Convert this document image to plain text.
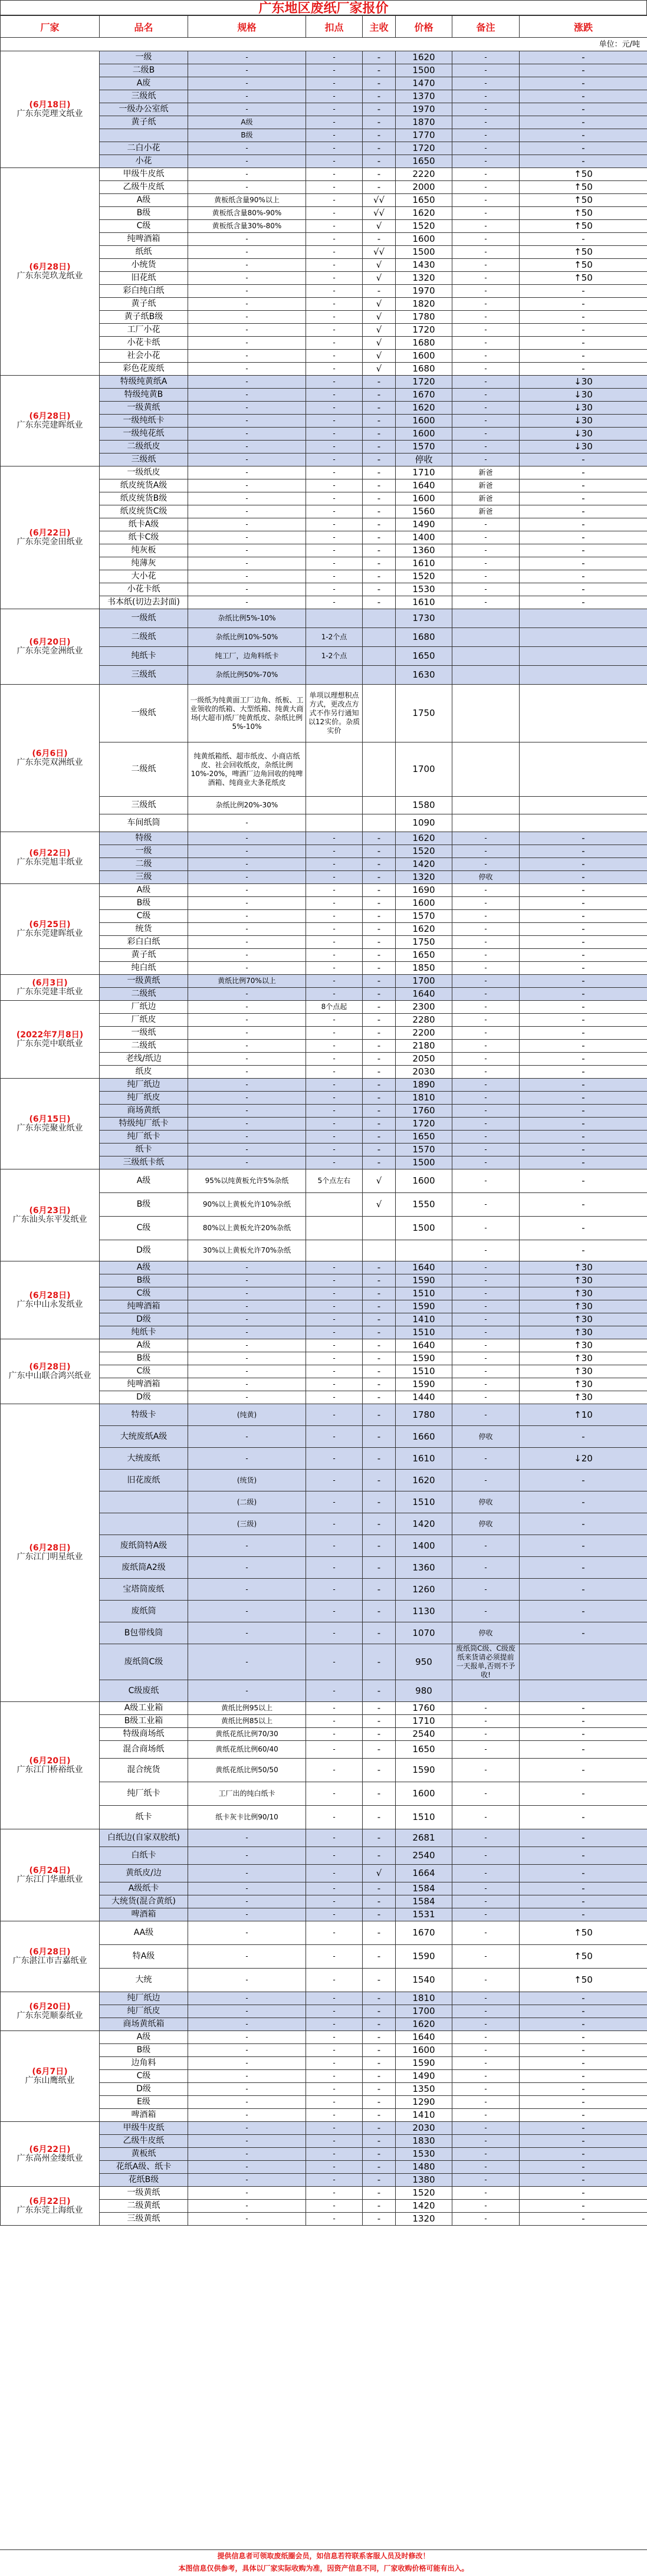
广东地区废纸厂家报价
厂家	品名	规格	扣点	主收	价格	备注	涨跌
单位：元/吨							

(6月18日)
广东东莞理文纸业	一级	-	-	-	1620	-	-
	二级B	-	-	-	1500	-	-
	A废	-	-	-	1470	-	-
	三级纸	-	-	-	1370	-	-
	一级办公室纸	-	-	-	1970	-	-
	黄子纸	A级	-	-	1870	-	-
		B级	-	-	1770	-	-
	二白小花	-	-	-	1720	-	-
	小花	-	-	-	1650	-	-

(6月28日)
广东东莞玖龙纸业	甲级牛皮纸	-	-	-	2220	-	↑50
	乙级牛皮纸	-	-	-	2000	-	↑50
	A级	黄板纸含量90%以上	-	√√	1650	-	↑50
	B级	黄板纸含量80%-90%	-	√√	1620	-	↑50
	C级	黄板纸含量30%-80%	-	√	1520	-	↑50
	纯啤酒箱	-	-	-	1600	-	-
	纸纸	-	-	√√	1500	-	↑50
	小统货	-	-	√	1430	-	↑50
	旧花纸	-	-	√	1320	-	↑50
	彩白纯白纸	-	-	-	1970	-	-
	黄子纸	-	-	√	1820	-	-
	黄子纸B级	-	-	√	1780	-	-
	工厂小花	-	-	√	1720	-	-
	小花卡纸	-	-	√	1680	-	-
	社会小花	-	-	√	1600	-	-
	彩色花废纸	-	-	√	1680	-	-

(6月28日)
广东东莞建晖纸业	特级纯黄纸A	-	-	-	1720	-	↓30
	特级纯黄B	-	-	-	1670	-	↓30
	一级黄纸	-	-	-	1620	-	↓30
	一级纯纸卡	-	-	-	1600	-	↓30
	一级纯花纸	-	-	-	1600	-	↓30
	二级纸皮	-	-	-	1570	-	↓30
	三级纸	-	-	-	停收	-	-

(6月22日)
广东东莞金田纸业	一级纸皮	-	-	-	1710	新爸	-
	纸皮统货A级	-	-	-	1640	新爸	-
	纸皮统货B级	-	-	-	1600	新爸	-
	纸皮统货C级	-	-	-	1560	新爸	-
	纸卡A级	-	-	-	1490	-	-
	纸卡C级	-	-	-	1400	-	-
	纯灰板	-	-	-	1360	-	-
	纯薄灰	-	-	-	1610	-	-
	大小花	-	-	-	1520	-	-
	小花卡纸	-	-	-	1530	-	-
	书本纸(切边去封面)	-	-	-	1610	-	-

(6月20日)
广东东莞金洲纸业	一级纸	杂纸比例5%-10%			1730		
	二级纸	杂纸比例10%-50%	1-2个点		1680		
	纯纸卡	纯工厂，边角料纸卡	1-2个点		1650		
	三级纸	杂纸比例50%-70%			1630		

(6月6日)
广东东莞双洲纸业	一级纸	一级纸为纯黄面工厂边角、纸板、工业领收的纸箱、大型纸箱、纯黄大商场(大超市)纸厂纯黄纸皮、杂纸比例5%-10%	单项以理想积点方式，更改点方式不作另行通知以12实价。杂质实价		1750		
	二级纸	纯黄纸箱纸、超市纸皮、小商店纸皮、社会回收纸皮，杂纸比例 10%-20%，啤酒厂边角回收的纯啤酒箱、纯商业大条花纸皮			1700		
	三级纸	杂纸比例20%-30%			1580		
	车间纸筒	-			1090		

(6月22日)
广东东莞旭丰纸业	特级	-	-	-	1620	-	-
	一级	-	-	-	1520	-	-
	二级	-	-	-	1420	-	-
	三级	-	-	-	1320	停收	-

(6月25日)
广东东莞建晖纸业	A级	-	-	-	1690	-	-
	B级	-	-	-	1600	-	-
	C级	-	-	-	1570	-	-
	统货	-	-	-	1620	-	-
	彩白白纸	-	-	-	1750	-	-
	黄子纸	-	-	-	1650	-	-
	纯白纸	-	-	-	1850	-	-

(6月3日)
广东东莞建丰纸业	一级黄纸	黄纸比例70%以上	-	-	1700	-	-
	二级纸	-	-	-	1640	-	-

(2022年7月8日)
广东东莞中联纸业	厂纸边	-	8个点起	-	2300	-	-
	厂纸皮	-	-	-	2280	-	-
	一级纸	-	-	-	2200	-	-
	二级纸	-	-	-	2180	-	-
	老线/纸边	-	-	-	2050	-	-
	纸皮	-	-	-	2030	-	-

(6月15日)
广东东莞聚业纸业	纯厂纸边	-	-	-	1890	-	-
	纯厂纸皮	-	-	-	1810	-	-
	商场黄纸	-	-	-	1760	-	-
	特级纯厂纸卡	-	-	-	1720	-	-
	纯厂纸卡	-	-	-	1650	-	-
	纸卡	-	-	-	1570	-	-
	三级纸卡纸	-	-	-	1500	-	-

(6月23日)
广东汕头东平发纸业	A级	95%以纯黄板允许5%杂纸	5个点左右	√	1600	-	-
	B级	90%以上黄板允许10%杂纸		√	1550	-	-
	C级	80%以上黄板允许20%杂纸			1500	-	-
	D级	30%以上黄板允许70%杂纸				-	-

(6月28日)
广东中山永发纸业	A级	-	-	-	1640	-	↑30
	B级	-	-	-	1590	-	↑30
	C级	-	-	-	1510	-	↑30
	纯啤酒箱	-	-	-	1590	-	↑30
	D级	-	-	-	1410	-	↑30
	纯纸卡	-	-	-	1510	-	↑30

(6月28日)
广东中山联合鸿兴纸业	A级	-	-	-	1640	-	↑30
	B级	-	-	-	1590	-	↑30
	C级	-	-	-	1510	-	↑30
	纯啤酒箱	-	-	-	1590	-	↑30
	D级	-	-	-	1440	-	↑30

(6月28日)
广东江门明星纸业	特级卡	(纯黄)	-	-	1780	-	↑10
	大统废纸A级	-	-	-	1660	停收	-
	大统废纸	-	-	-	1610	-	↓20
	旧花废纸	(统货)	-	-	1620	-	-
		(二级)	-	-	1510	停收	-
		(三级)	-	-	1420	停收	-
	废纸筒特A级	-	-	-	1400	-	-
	废纸筒A2级	-	-	-	1360	-	-
	宝塔筒废纸	-	-	-	1260	-	-
	废纸筒	-	-	-	1130	-	-
	B包带线筒	-	-	-	1070	停收	-
	废纸筒C级	-	-	-	950	废纸筒C级、C级废纸来货请必须提前一天报单,否则不予收!	
	C级废纸	-	-	-	980		

(6月20日)
广东江门桥裕纸业	A级工业箱	黄纸比例95以上	-	-	1760	-	-
	B级工业箱	黄纸比例85以上	-	-	1710	-	-
	特级商场纸	黄纸花纸比例70/30	-	-	2540	-	-
	混合商场纸	黄纸花纸比例60/40	-	-	1650	-	-
	混合统货	黄纸花纸比例50/50	-	-	1590	-	-
	纯厂纸卡	工厂出的纯白纸卡	-	-	1600	-	-
	纸卡	纸卡灰卡比例90/10	-	-	1510	-	-

(6月24日)
广东江门华惠纸业	白纸边(自家双胶纸)	-	-	-	2681	-	-
	白纸卡	-	-	-	2540	-	-
	黄纸皮/边	-	-	√	1664	-	-
	A级纸卡	-	-	-	1584	-	-
	大统货(混合黄纸)	-	-	-	1584	-	-
	啤酒箱	-	-	-	1531	-	-

(6月28日)
广东湛江市吉嘉纸业	AA级	-	-	-	1670	-	↑50
	特A级	-	-	-	1590	-	↑50
	大统	-	-	-	1540	-	↑50

(6月20日)
广东东莞顺泰纸业	纯厂纸边	-	-	-	1810	-	-
	纯厂纸皮	-	-	-	1700	-	-
	商场黄纸箱	-	-	-	1620	-	-

(6月7日)
广东山鹰纸业	A级	-	-	-	1640	-	-
	B级	-	-	-	1600	-	-
	边角料	-	-	-	1590	-	-
	C级	-	-	-	1490	-	-
	D级	-	-	-	1350	-	-
	E级	-	-	-	1290	-	-
	啤酒箱	-	-	-	1410	-	-

(6月22日)
广东高州金缕纸业	甲级牛皮纸	-	-	-	2030	-	-
	乙级牛皮纸	-	-	-	1830	-	-
	黄板纸	-	-	-	1530	-	-
	花纸A级、纸卡	-	-	-	1480	-	-
	花纸B级	-	-	-	1380	-	-

(6月22日)
广东东莞上海纸业	一级黄纸	-	-	-	1520	-	-
	二级黄纸	-	-	-	1420	-	-
	三级黄纸	-	-	-	1320	-	-
提供信息者可领取废纸圈会员，如信息若符联系客服人员及时修改！
本图信息仅供参考，具体以厂家实际收购为准，因资产信息不同，厂家收购价格可能有出入。
